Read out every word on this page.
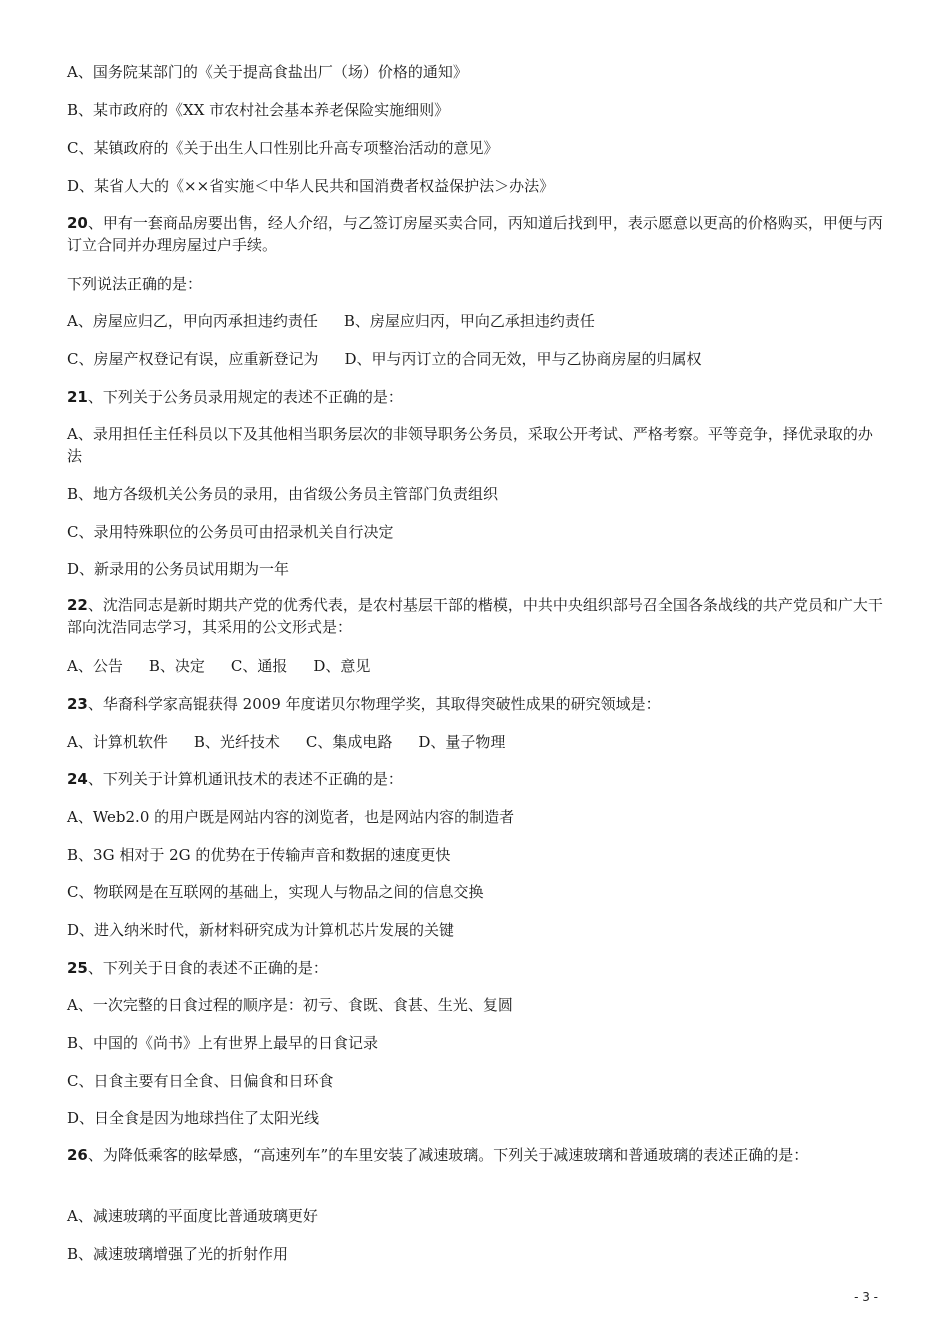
A、国务院某部门的《关于提高食盐出厂（场）价格的通知》
B、某市政府的《XX 市农村社会基本养老保险实施细则》
C、某镇政府的《关于出生人口性别比升高专项整治活动的意见》
D、某省人大的《××省实施＜中华人民共和国消费者权益保护法＞办法》
20、甲有一套商品房要出售，经人介绍，与乙签订房屋买卖合同，丙知道后找到甲，表示愿意以更高的价格购买，甲便与丙订立合同并办理房屋过户手续。
下列说法正确的是：
A、房屋应归乙，甲向丙承担违约责任 B、房屋应归丙，甲向乙承担违约责任
C、房屋产权登记有误，应重新登记为 D、甲与丙订立的合同无效，甲与乙协商房屋的归属权
21、下列关于公务员录用规定的表述不正确的是：
A、录用担任主任科员以下及其他相当职务层次的非领导职务公务员，采取公开考试、严格考察。平等竞争，择优录取的办法
B、地方各级机关公务员的录用，由省级公务员主管部门负责组织
C、录用特殊职位的公务员可由招录机关自行决定
D、新录用的公务员试用期为一年
22、沈浩同志是新时期共产党的优秀代表，是农村基层干部的楷模，中共中央组织部号召全国各条战线的共产党员和广大干部向沈浩同志学习，其采用的公文形式是：
A、公告 B、决定 C、通报 D、意见
23、华裔科学家高锟获得 2009 年度诺贝尔物理学奖，其取得突破性成果的研究领域是：
A、计算机软件 B、光纤技术 C、集成电路 D、量子物理
24、下列关于计算机通讯技术的表述不正确的是：
A、Web2.0 的用户既是网站内容的浏览者，也是网站内容的制造者
B、3G 相对于 2G 的优势在于传输声音和数据的速度更快
C、物联网是在互联网的基础上，实现人与物品之间的信息交换
D、进入纳米时代，新材料研究成为计算机芯片发展的关键
25、下列关于日食的表述不正确的是：
A、一次完整的日食过程的顺序是：初亏、食既、食甚、生光、复圆
B、中国的《尚书》上有世界上最早的日食记录
C、日食主要有日全食、日偏食和日环食
D、日全食是因为地球挡住了太阳光线
26、为降低乘客的眩晕感，“高速列车”的车里安装了减速玻璃。下列关于减速玻璃和普通玻璃的表述正确的是：
A、减速玻璃的平面度比普通玻璃更好
B、减速玻璃增强了光的折射作用
- 3 -
